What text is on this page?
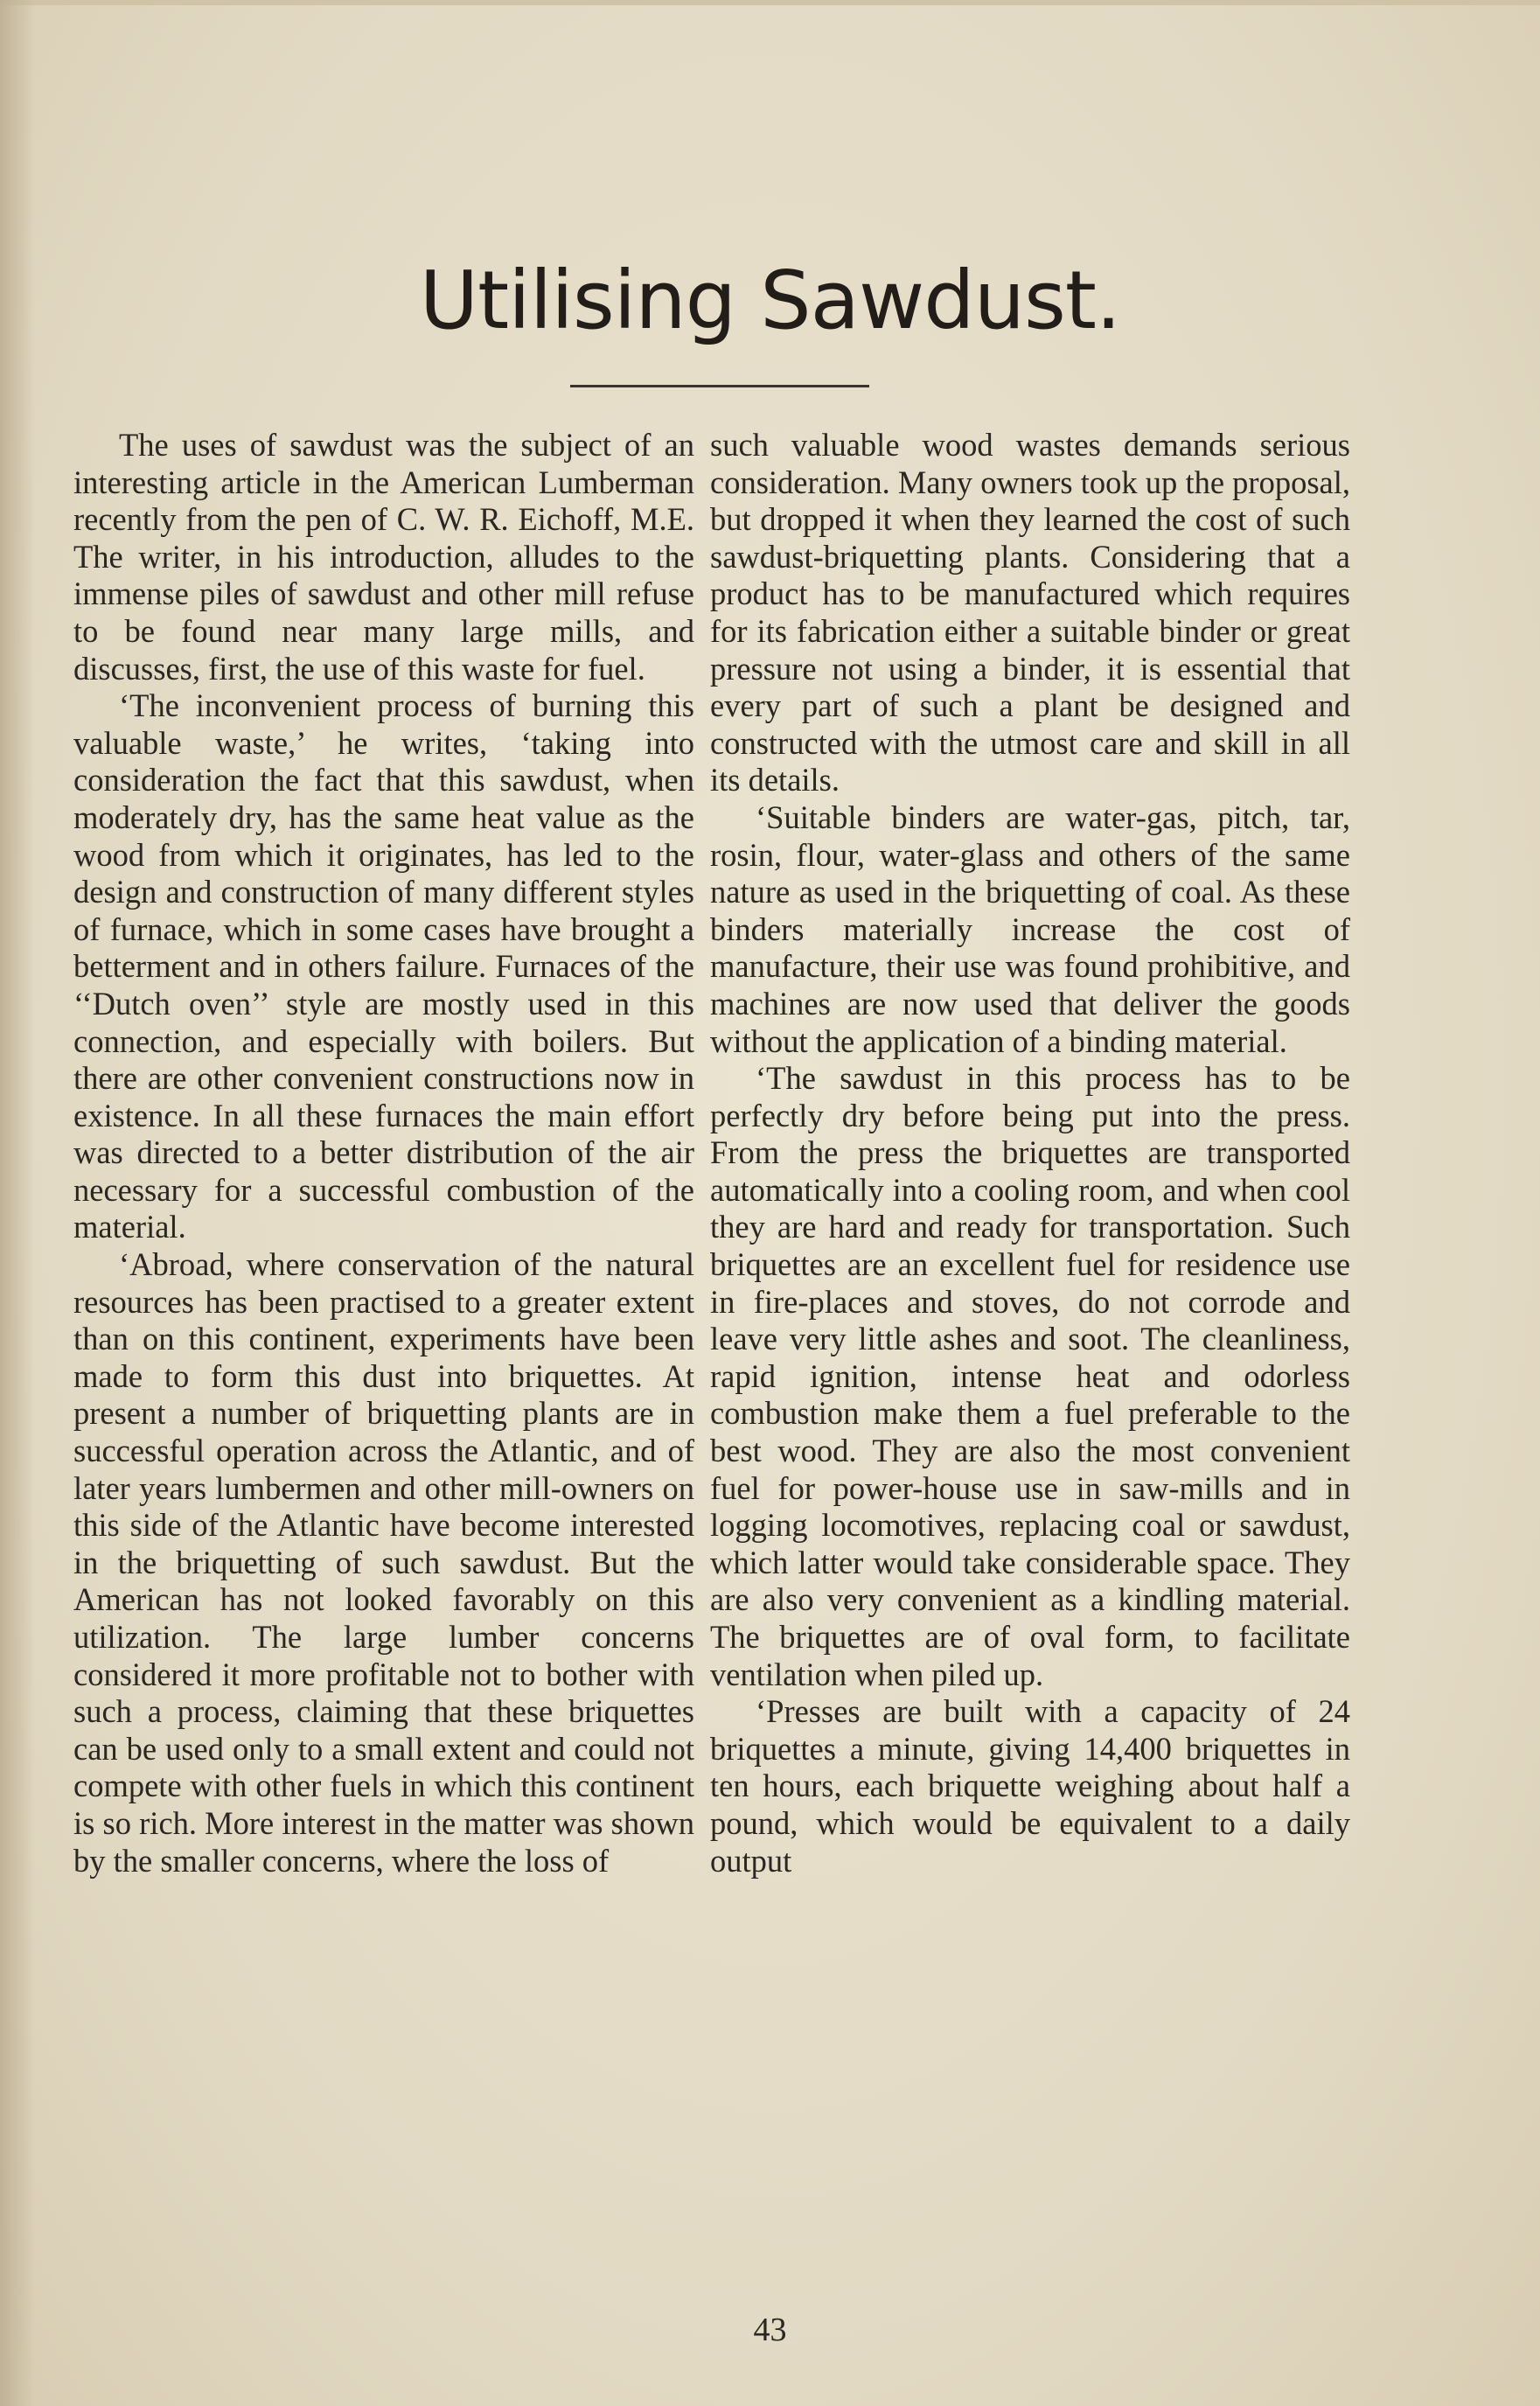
Utilising Sawdust.

The uses of sawdust was the subject of an interesting article in the American Lumberman recently from the pen of C. W. R. Eichoff, M.E. The writer, in his introduction, alludes to the immense piles of sawdust and other mill refuse to be found near many large mills, and discusses, first, the use of this waste for fuel.

‘The inconvenient process of burning this valuable waste,’ he writes, ‘taking into consideration the fact that this sawdust, when moderately dry, has the same heat value as the wood from which it originates, has led to the design and construction of many different styles of furnace, which in some cases have brought a betterment and in others failure. Furnaces of the ‘‘Dutch oven’’ style are mostly used in this connection, and especially with boilers. But there are other convenient constructions now in existence. In all these furnaces the main effort was directed to a better distribution of the air necessary for a successful combustion of the material.

‘Abroad, where conservation of the natural resources has been practised to a greater extent than on this continent, experiments have been made to form this dust into briquettes. At present a number of briquetting plants are in successful operation across the Atlantic, and of later years lumbermen and other mill-owners on this side of the Atlantic have become interested in the briquetting of such sawdust. But the American has not looked favorably on this utilization. The large lumber concerns considered it more profitable not to bother with such a process, claiming that these briquettes can be used only to a small extent and could not compete with other fuels in which this continent is so rich. More interest in the matter was shown by the smaller concerns, where the loss of

such valuable wood wastes demands serious consideration. Many owners took up the proposal, but dropped it when they learned the cost of such sawdust-briquetting plants. Considering that a product has to be manufactured which requires for its fabrication either a suitable binder or great pressure not using a binder, it is essential that every part of such a plant be designed and constructed with the utmost care and skill in all its details.

‘Suitable binders are water-gas, pitch, tar, rosin, flour, water-glass and others of the same nature as used in the briquetting of coal. As these binders materially increase the cost of manufacture, their use was found prohibitive, and machines are now used that deliver the goods without the application of a binding material.

‘The sawdust in this process has to be perfectly dry before being put into the press. From the press the briquettes are transported automatically into a cooling room, and when cool they are hard and ready for transportation. Such briquettes are an excellent fuel for residence use in fire-places and stoves, do not corrode and leave very little ashes and soot. The cleanliness, rapid ignition, intense heat and odorless combustion make them a fuel preferable to the best wood. They are also the most convenient fuel for power-house use in saw-mills and in logging locomotives, replacing coal or sawdust, which latter would take considerable space. They are also very convenient as a kindling material. The briquettes are of oval form, to facilitate ventilation when piled up.

‘Presses are built with a capacity of 24 briquettes a minute, giving 14,400 briquettes in ten hours, each briquette weighing about half a pound, which would be equivalent to a daily output

43
